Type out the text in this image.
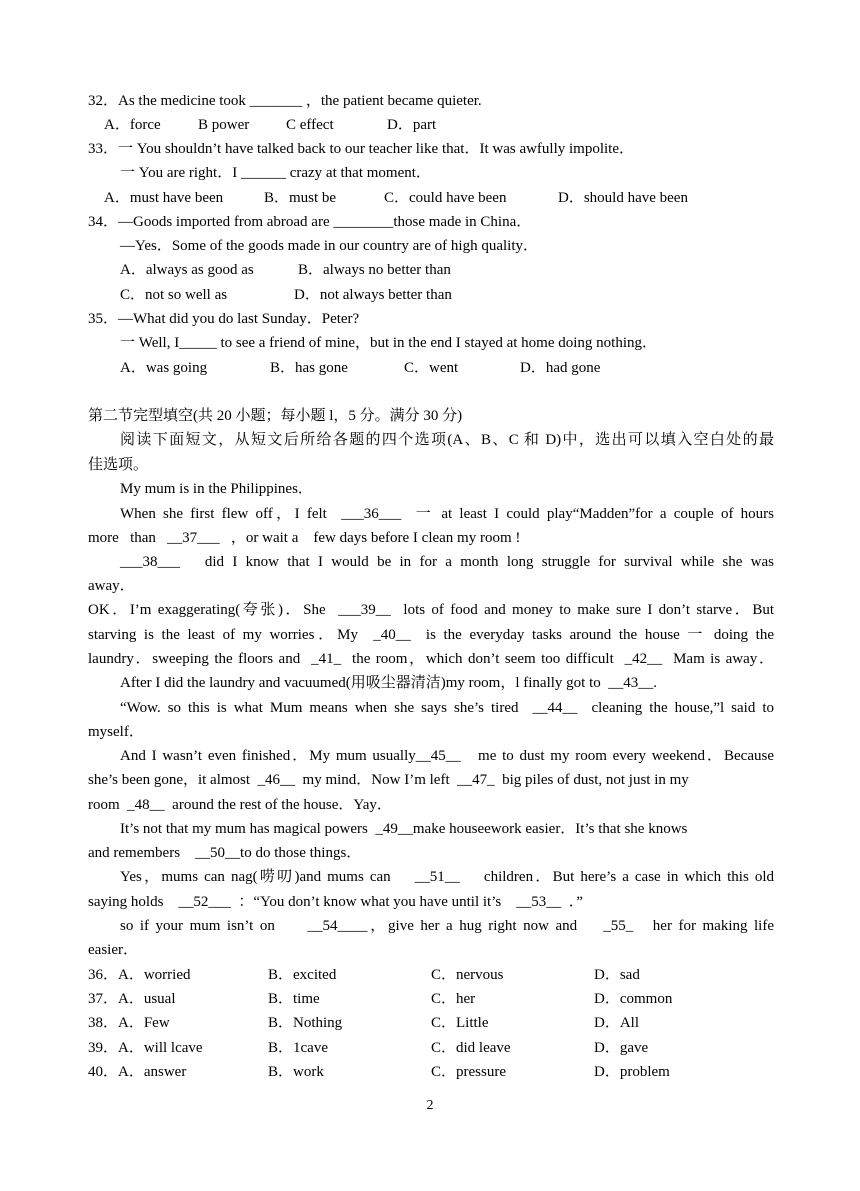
32．As the medicine took _______ ，the patient became quieter.
A．force B power C effect	D．part
33．一 You shouldn’t have talked back to our teacher like that．It was awfully impolite．
一 You are right．I ______ crazy at that moment．
A．must have been	B．must be	C．could have been	D．should have been
34．—Goods imported from abroad are ________those made in China．
—Yes．Some of the goods made in our country are of high quality．
A．always as good as	B．always no better than
C．not so well as	D．not always better than
35．—What did you do last Sunday．Peter?
一 Well, I_____ to see a friend of mine，but in the end I stayed at home doing nothing．
A．was going	B．has gone	C．went	D．had gone
第二节完型填空(共 20 小题；每小题 l，5 分。满分 30 分)
阅读下面短文，从短文后所给各题的四个选项(A、B、C 和 D)中，选出可以填入空白处的最
佳选项。
My mum is in the Philippines．
When she first flew off，I felt  ___36___  一 at least I could play“Madden”for a couple of hours
more   than   __37___   ，or wait a    few days before I clean my room !
___38___   did I know that I would be in for a month long struggle for survival while she was
away．
OK．I’m exaggerating(夸张)．She  ___39__  lots of food and money to make sure I don’t starve．But
starving is the least of my worries．My  _40__  is the everyday tasks around the house 一 doing the
laundry．sweeping the floors and  _41_  the room，which don’t seem too difficult  _42__  Mam is away．
After I did the laundry and vacuumed(用吸尘器清洁)my room，l finally got to  __43__.
“Wow. so this is what Mum means when she says she’s tired  __44__  cleaning the house,”l said to
myself．
And I wasn’t even finished．My mum usually__45__   me to dust my room every weekend．Because
she’s been gone，it almost  _46__  my mind．Now I’m left  __47_  big piles of dust, not just in my
room  _48__  around the rest of the house．Yay．
It’s not that my mum has magical powers  _49__make houseework easier．It’s that she knows
and remembers    __50__to do those things．
Yes，mums can nag(唠叨)and mums can    __51__    children．But here’s a case in which this old
saying holds    __52___  ：“You don’t know what you have until it’s    __53__  ．”
so if your mum isn’t on     __54____，give her a hug right now and    _55_   her for making life
easier．
36．A．worried	B．excited	C．nervous	D．sad
37．A．usual	B．time	C．her	D．common
38．A．Few	B．Nothing	C．Little	D．All
39．A．will lcave	B．1cave	C．did leave	D．gave
40．A．answer	B．work	C．pressure	D．problem
2
